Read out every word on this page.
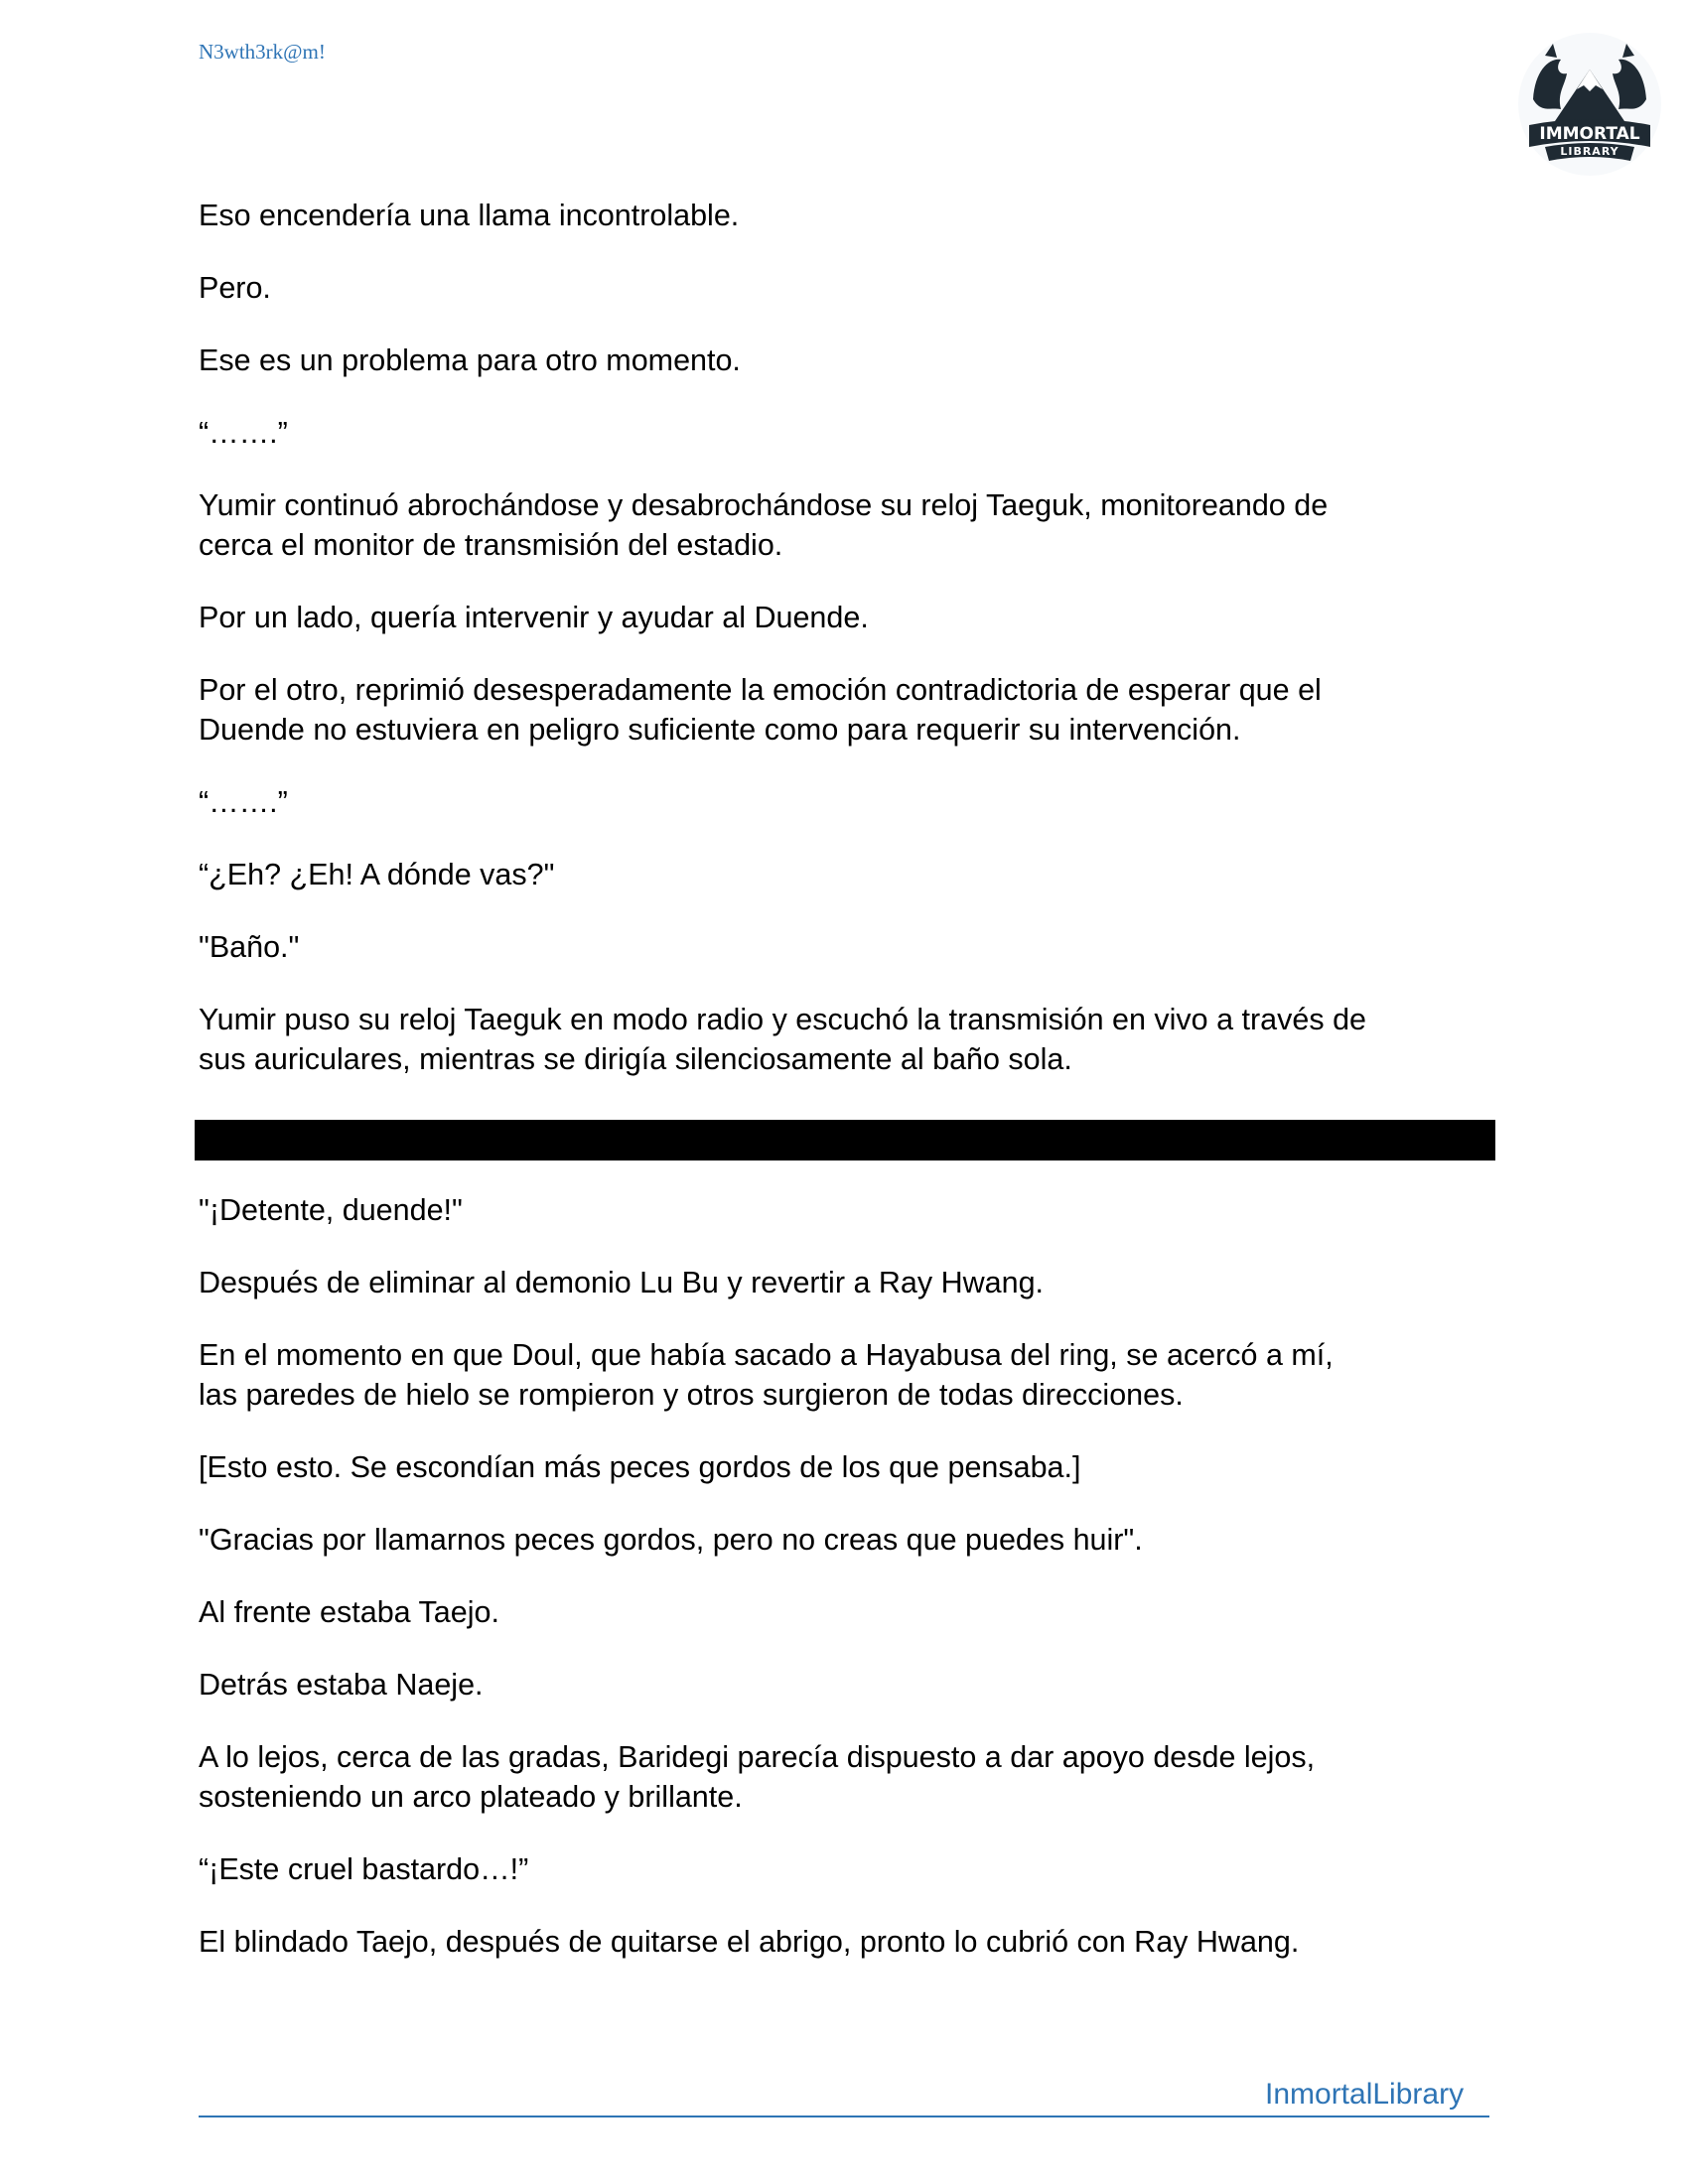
N3wth3rk@m!
IMMORTAL
LIBRARY

Eso encendería una llama incontrolable.

Pero.

Ese es un problema para otro momento.

“…….”

Yumir continuó abrochándose y desabrochándose su reloj Taeguk, monitoreando de
cerca el monitor de transmisión del estadio.

Por un lado, quería intervenir y ayudar al Duende.

Por el otro, reprimió desesperadamente la emoción contradictoria de esperar que el
Duende no estuviera en peligro suficiente como para requerir su intervención.

“…….”

“¿Eh? ¿Eh! A dónde vas?"

"Baño."

Yumir puso su reloj Taeguk en modo radio y escuchó la transmisión en vivo a través de
sus auriculares, mientras se dirigía silenciosamente al baño sola.

"¡Detente, duende!"

Después de eliminar al demonio Lu Bu y revertir a Ray Hwang.

En el momento en que Doul, que había sacado a Hayabusa del ring, se acercó a mí,
las paredes de hielo se rompieron y otros surgieron de todas direcciones.

[Esto esto. Se escondían más peces gordos de los que pensaba.]

"Gracias por llamarnos peces gordos, pero no creas que puedes huir".

Al frente estaba Taejo.

Detrás estaba Naeje.

A lo lejos, cerca de las gradas, Baridegi parecía dispuesto a dar apoyo desde lejos,
sosteniendo un arco plateado y brillante.

“¡Este cruel bastardo…!”

El blindado Taejo, después de quitarse el abrigo, pronto lo cubrió con Ray Hwang.

InmortalLibrary
